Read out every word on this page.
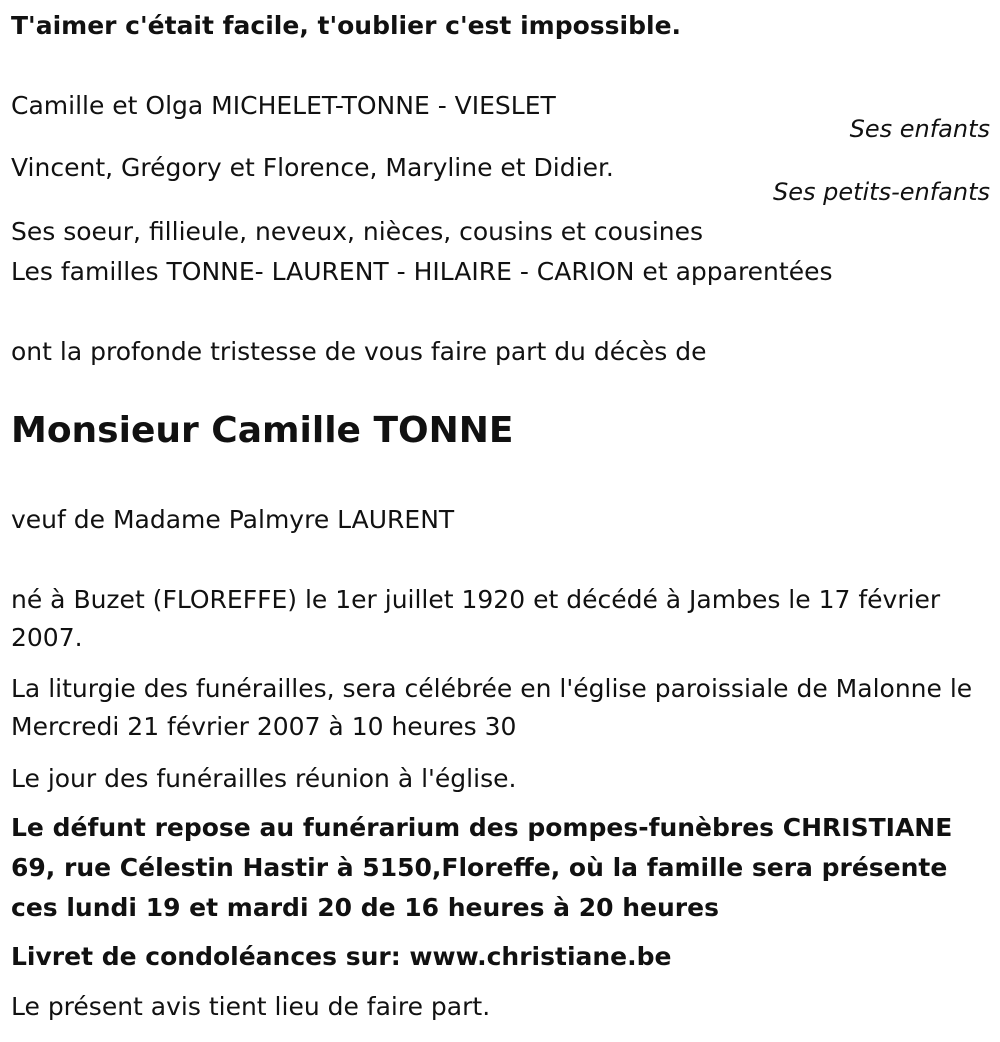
T'aimer c'était facile, t'oublier c'est impossible.
Camille et Olga MICHELET-TONNE - VIESLET
Ses enfants
Vincent, Grégory et Florence, Maryline et Didier.
Ses petits-enfants
Ses soeur, fillieule, neveux, nièces, cousins et cousines
Les familles TONNE- LAURENT - HILAIRE - CARION et apparentées
ont la profonde tristesse de vous faire part du décès de
Monsieur Camille TONNE
veuf de Madame Palmyre LAURENT
né à Buzet (FLOREFFE) le 1er juillet 1920 et décédé à Jambes le 17 février 2007.
La liturgie des funérailles, sera célébrée en l'église paroissiale de Malonne le Mercredi 21 février 2007 à 10 heures 30
Le jour des funérailles réunion à l'église.
Le défunt repose au funérarium des pompes-funèbres CHRISTIANE 69, rue Célestin Hastir à 5150,Floreffe, où la famille sera présente ces lundi 19 et mardi 20 de 16 heures à 20 heures
Livret de condoléances sur: www.christiane.be
Le présent avis tient lieu de faire part.
